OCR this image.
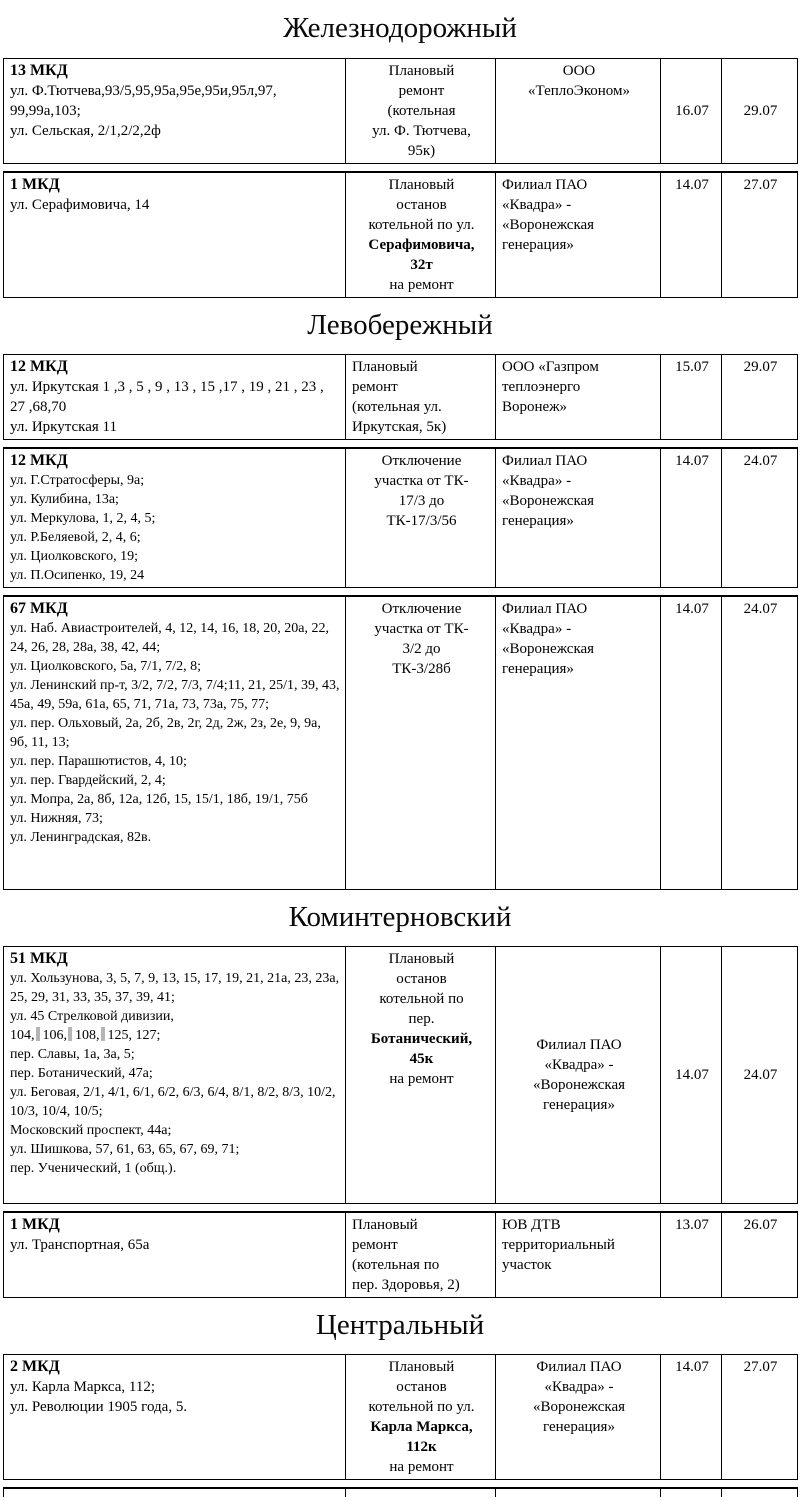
Железнодорожный
13 МКД
ул. Ф.Тютчева,93/5,95,95а,95е,95и,95л,97, 99,99а,103;
ул. Сельская, 2/1,2/2,2ф

Плановый
ремонт
(котельная
ул. Ф. Тютчева,
95к)

ООО
«ТеплоЭконом»
	16.07	29.07
1 МКД
ул. Серафимовича, 14

Плановый
останов
котельной по ул.
Серафимовича,
32т
на ремонт

Филиал ПАО
«Квадра» -
«Воронежская
генерация»
	14.07	27.07
Левобережный
12 МКД
ул. Иркутская 1 ,3 , 5 , 9 , 13 , 15 ,17 , 19 , 21 , 23 , 27 ,68,70
ул. Иркутская 11

Плановый
ремонт
(котельная ул.
Иркутская, 5к)

ООО «Газпром
теплоэнерго
Воронеж»
	15.07	29.07
12 МКД
ул. Г.Стратосферы, 9а;
ул. Кулибина, 13а;
ул. Меркулова, 1, 2, 4, 5;
ул. Р.Беляевой, 2, 4, 6;
ул. Циолковского, 19;
ул. П.Осипенко, 19, 24

Отключение
участка от ТК-
17/3 до
ТК-17/3/56

Филиал ПАО
«Квадра» -
«Воронежская
генерация»
	14.07	24.07
67 МКД
ул. Наб. Авиастроителей, 4, 12, 14, 16, 18, 20, 20а, 22, 24, 26, 28, 28а, 38, 42, 44;
ул. Циолковского, 5а, 7/1, 7/2, 8;
ул. Ленинский пр-т, 3/2, 7/2, 7/3, 7/4;11, 21, 25/1, 39, 43, 45а, 49, 59а, 61а, 65, 71, 71а, 73, 73а, 75, 77;
ул. пер. Ольховый, 2а, 2б, 2в, 2г, 2д, 2ж, 2з, 2е, 9, 9а, 9б, 11, 13;
ул. пер. Парашютистов, 4, 10;
ул. пер. Гвардейский, 2, 4;
ул. Мопра, 2а, 8б, 12а, 12б, 15, 15/1, 18б, 19/1, 75б
ул. Нижняя, 73;
ул. Ленинградская, 82в.

Отключение
участка от ТК-
3/2 до
ТК-3/28б

Филиал ПАО
«Квадра» -
«Воронежская
генерация»
	14.07	24.07
Коминтерновский
51 МКД
ул. Хользунова, 3, 5, 7, 9, 13, 15, 17, 19, 21, 21а, 23, 23а, 25, 29, 31, 33, 35, 37, 39, 41;
ул. 45 Стрелковой дивизии,
104, 106, 108, 125, 127;
пер. Славы, 1а, 3а, 5;
пер. Ботанический, 47а;
ул. Беговая, 2/1, 4/1, 6/1, 6/2, 6/3, 6/4, 8/1, 8/2, 8/3, 10/2, 10/3, 10/4, 10/5;
Московский проспект, 44а;
ул. Шишкова, 57, 61, 63, 65, 67, 69, 71;
пер. Ученический, 1 (общ.).

Плановый
останов
котельной по
пер.
Ботанический,
45к
на ремонт

Филиал ПАО
«Квадра» -
«Воронежская
генерация»
	14.07	24.07
1 МКД
ул. Транспортная, 65а

Плановый
ремонт
(котельная по
пер. Здоровья, 2)

ЮВ ДТВ
территориальный
участок
	13.07	26.07
Центральный
2 МКД
ул. Карла Маркса, 112;
ул. Революции 1905 года, 5.

Плановый
останов
котельной по ул.
Карла Маркса,
112к
на ремонт

Филиал ПАО
«Квадра» -
«Воронежская
генерация»
	14.07	27.07
